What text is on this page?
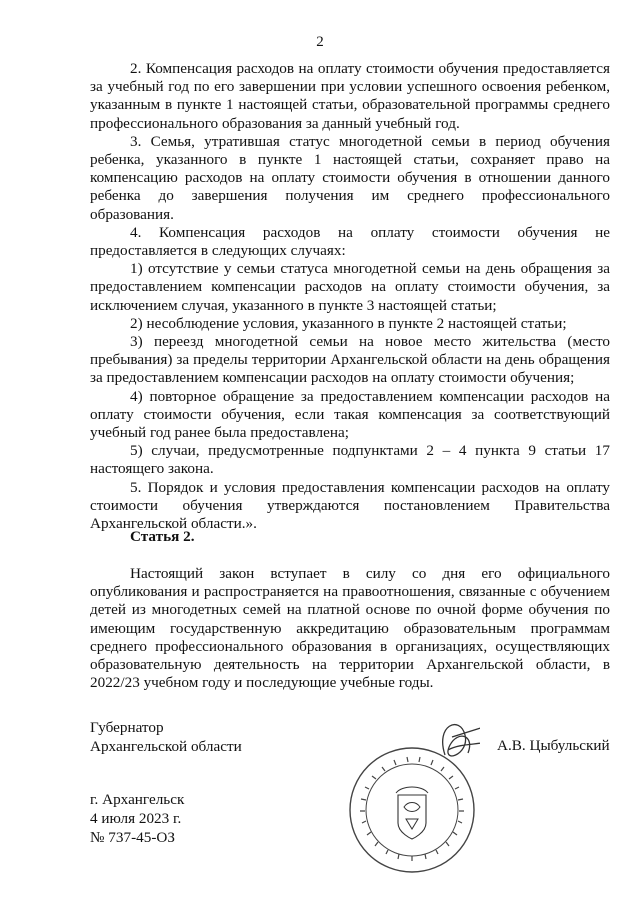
2

2. Компенсация расходов на оплату стоимости обучения предоставляется за учебный год по его завершении при условии успешного освоения ребенком, указанным в пункте 1 настоящей статьи, образовательной программы среднего профессионального образования за данный учебный год.

3. Семья, утратившая статус многодетной семьи в период обучения ребенка, указанного в пункте 1 настоящей статьи, сохраняет право на компенсацию расходов на оплату стоимости обучения в отношении данного ребенка до завершения получения им среднего профессионального образования.

4. Компенсация расходов на оплату стоимости обучения не предоставляется в следующих случаях:

1) отсутствие у семьи статуса многодетной семьи на день обращения за предоставлением компенсации расходов на оплату стоимости обучения, за исключением случая, указанного в пункте 3 настоящей статьи;

2) несоблюдение условия, указанного в пункте 2 настоящей статьи;

3) переезд многодетной семьи на новое место жительства (место пребывания) за пределы территории Архангельской области на день обращения за предоставлением компенсации расходов на оплату стоимости обучения;

4) повторное обращение за предоставлением компенсации расходов на оплату стоимости обучения, если такая компенсация за соответствующий учебный год ранее была предоставлена;

5) случаи, предусмотренные подпунктами 2 – 4 пункта 9 статьи 17 настоящего закона.

5. Порядок и условия предоставления компенсации расходов на оплату стоимости обучения утверждаются постановлением Правительства Архангельской области.».

Статья 2.

Настоящий закон вступает в силу со дня его официального опубликования и распространяется на правоотношения, связанные с обучением детей из многодетных семей на платной основе по очной форме обучения по имеющим государственную аккредитацию образовательным программам среднего профессионального образования в организациях, осуществляющих образовательную деятельность на территории Архангельской области, в 2022/23 учебном году и последующие учебные годы.

Губернатор
Архангельской области	А.В. Цыбульский
г. Архангельск
4 июля 2023 г.
№ 737-45-ОЗ
